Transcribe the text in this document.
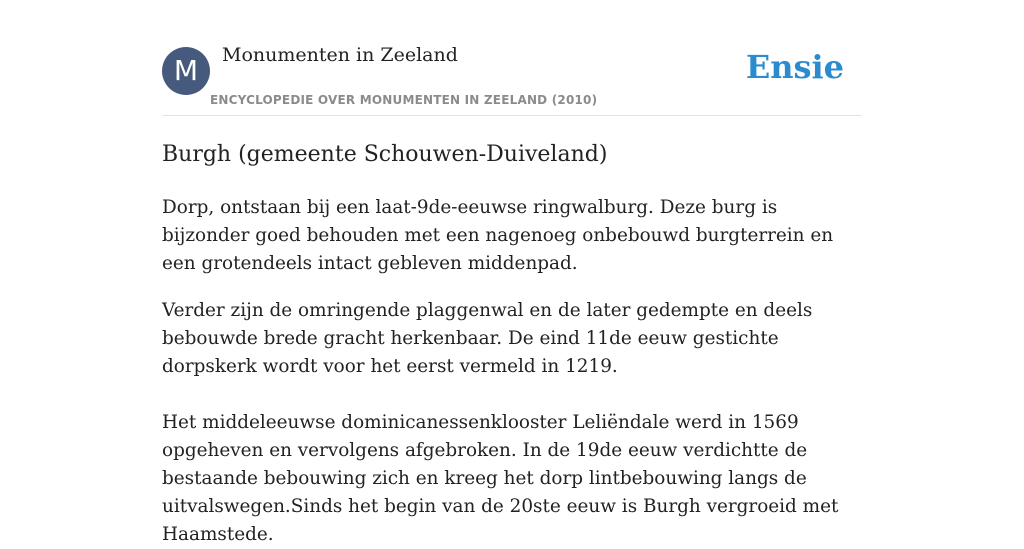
M	Monumenten in Zeeland
ENCYCLOPEDIE OVER MONUMENTEN IN ZEELAND (2010)
Ensie
Burgh (gemeente Schouwen-Duiveland)

Dorp, ontstaan bij een laat-9de-eeuwse ringwalburg. Deze burg is bijzonder goed behouden met een nagenoeg onbebouwd burgterrein en een grotendeels intact gebleven middenpad.

Verder zijn de omringende plaggenwal en de later gedempte en deels bebouwde brede gracht herkenbaar. De eind 11de eeuw gestichte dorpskerk wordt voor het eerst vermeld in 1219.

Het middeleeuwse dominicanessenklooster Leliëndale werd in 1569 opgeheven en vervolgens afgebroken. In de 19de eeuw verdichtte de bestaande bebouwing zich en kreeg het dorp lintbebouwing langs de uitvalswegen.Sinds het begin van de 20ste eeuw is Burgh vergroeid met Haamstede.
